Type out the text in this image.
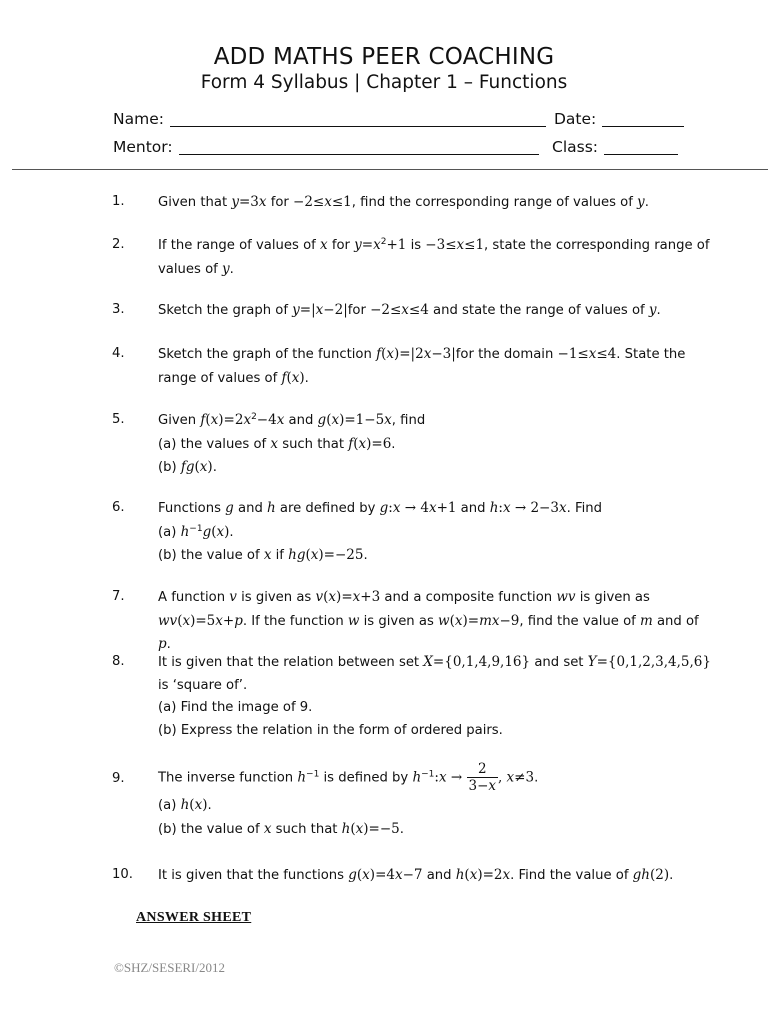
ADD MATHS PEER COACHING
Form 4 Syllabus | Chapter 1 – Functions
Name:	Date:
Mentor:	Class:
1.	Given that y=3x for −2≤x≤1, find the corresponding range of values of y.
2.	If the range of values of x for $y=x^2+1$ is −3≤x≤1, state the corresponding range of values of y.
3.	Sketch the graph of y=|x−2|for −2≤x≤4 and state the range of values of y.
4.	Sketch the graph of the function f(x)=|2x−3|for the domain −1≤x≤4. State the range of values of f(x).
5.	Given $f(x)=2x^2-4x$ and g(x)=1−5x, find
(a) the values of x such that f(x)=6.
(b) fg(x).
6.	Functions g and h are defined by g:x → 4x+1 and h:x → 2−3x. Find
(a) $h^{-1}g(x)$.
(b) the value of x if hg(x)=−25.
7.	A function v is given as v(x)=x+3 and a composite function wv is given as wv(x)=5x+p. If the function w is given as w(x)=mx−9, find the value of m and of p.
8.	It is given that the relation between set X={0,1,4,9,16} and set Y={0,1,2,3,4,5,6} is ‘square of’.
(a) Find the image of 9.
(b) Express the relation in the form of ordered pairs.
9.	The inverse function $h^{-1}$ is defined by $h^{-1}:x \to \frac{2}{3-x}$ , x≠3.
(a) h(x).
(b) the value of x such that h(x)=−5.
10.	It is given that the functions g(x)=4x−7 and h(x)=2x. Find the value of gh(2).
ANSWER SHEET
©SHZ/SESERI/2012
